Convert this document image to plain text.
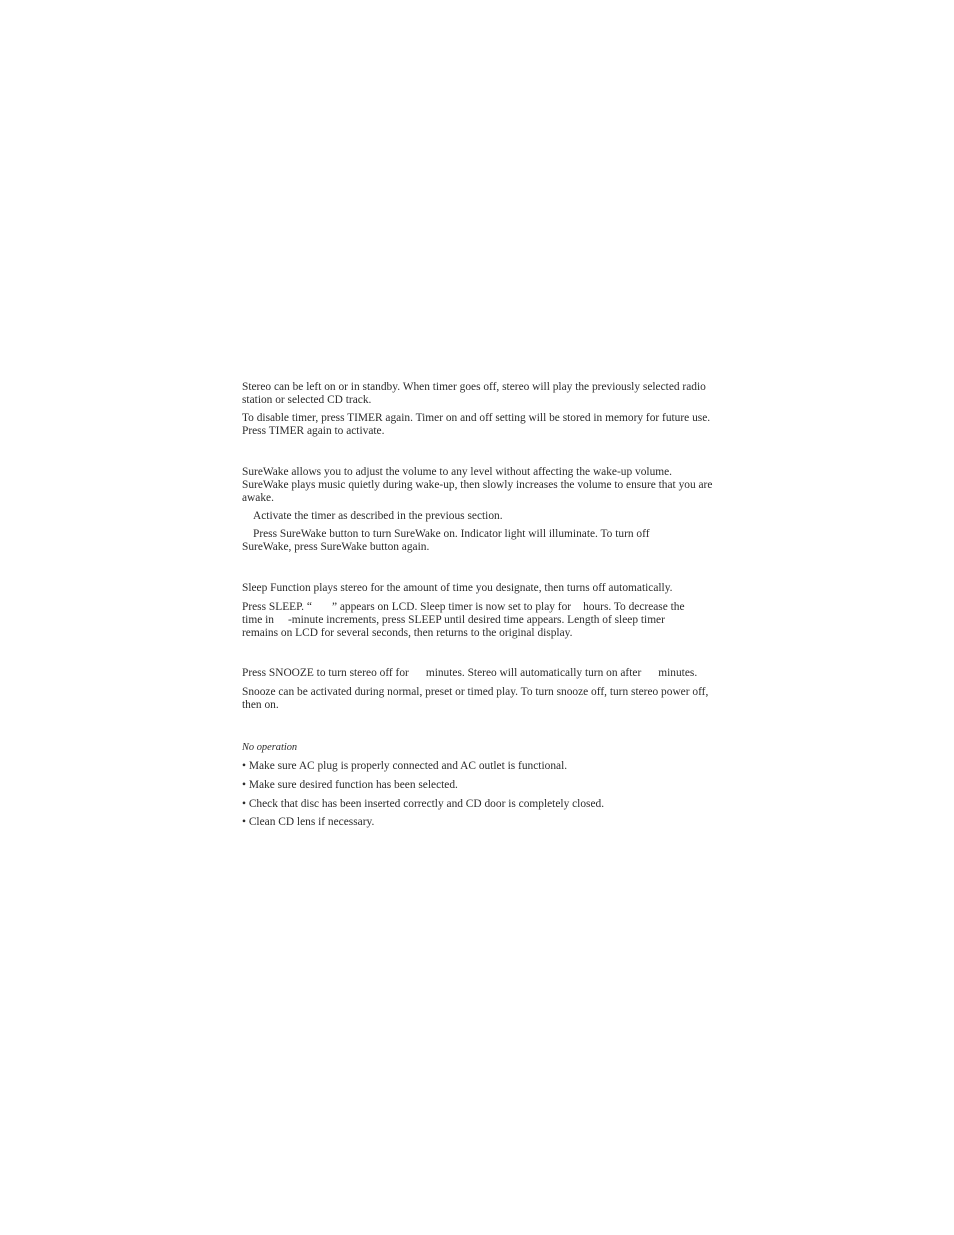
Stereo can be left on or in standby. When timer goes off, stereo will play the previously selected radio station or selected CD track.

To disable timer, press TIMER again. Timer on and off setting will be stored in memory for future use. Press TIMER again to activate.

SureWake allows you to adjust the volume to any level without affecting the wake-up volume. SureWake plays music quietly during wake-up, then slowly increases the volume to ensure that you are awake.

Activate the timer as described in the previous section.

Press SureWake button to turn SureWake on. Indicator light will illuminate. To turn off

SureWake, press SureWake button again.

Sleep Function plays stereo for the amount of time you designate, then turns off automatically.

Press SLEEP. “ ” appears on LCD. Sleep timer is now set to play for hours. To decrease the

time in -minute increments, press SLEEP until desired time appears. Length of sleep timer

remains on LCD for several seconds, then returns to the original display.

Press SNOOZE to turn stereo off for minutes. Stereo will automatically turn on after minutes.

Snooze can be activated during normal, preset or timed play. To turn snooze off, turn stereo power off, then on.

No operation

• Make sure AC plug is properly connected and AC outlet is functional.

• Make sure desired function has been selected.

• Check that disc has been inserted correctly and CD door is completely closed.

• Clean CD lens if necessary.
